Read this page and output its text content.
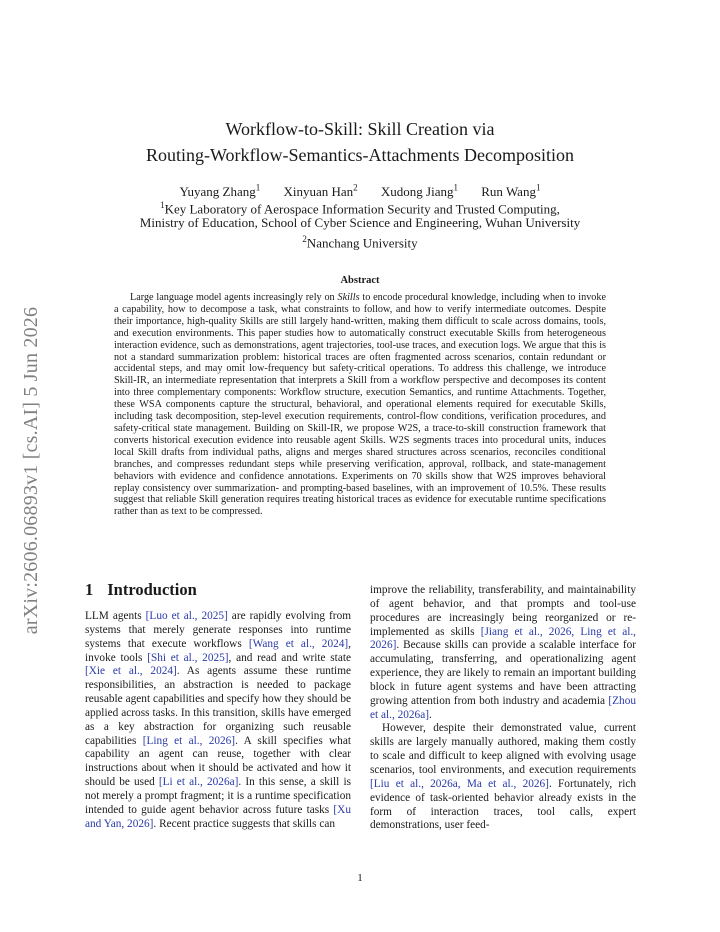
arXiv:2606.06893v1 [cs.AI] 5 Jun 2026
Workflow-to-Skill: Skill Creation via
Routing-Workflow-Semantics-Attachments Decomposition
Yuyang Zhang$^1$ Xinyuan Han$^2$ Xudong Jiang$^1$ Run Wang$^1$
$^1$Key Laboratory of Aerospace Information Security and Trusted Computing,
Ministry of Education, School of Cyber Science and Engineering, Wuhan University
$^2$Nanchang University
Abstract

Large language model agents increasingly rely on Skills to encode procedural knowledge, including when to invoke a capability, how to decompose a task, what constraints to follow, and how to verify intermediate outcomes. Despite their importance, high-quality Skills are still largely hand-written, making them difficult to scale across domains, tools, and execution environments. This paper studies how to automatically construct executable Skills from heterogeneous interaction evidence, such as demonstrations, agent trajectories, tool-use traces, and execution logs. We argue that this is not a standard summarization problem: historical traces are often fragmented across scenarios, contain redundant or accidental steps, and may omit low-frequency but safety-critical operations. To address this challenge, we introduce Skill-IR, an intermediate representation that interprets a Skill from a workflow perspective and decomposes its content into three complementary components: Workflow structure, execution Semantics, and runtime Attachments. Together, these WSA components capture the structural, behavioral, and operational elements required for executable Skills, including task decomposition, step-level execution requirements, control-flow conditions, verification procedures, and safety-critical state management. Building on Skill-IR, we propose W2S, a trace-to-skill construction framework that converts historical execution evidence into reusable agent Skills. W2S segments traces into procedural units, induces local Skill drafts from individual paths, aligns and merges shared structures across scenarios, reconciles conditional branches, and compresses redundant steps while preserving verification, approval, rollback, and state-management behaviors with evidence and confidence annotations. Experiments on 70 skills show that W2S improves behavioral replay consistency over summarization- and prompting-based baselines, with an improvement of 10.5%. These results suggest that reliable Skill generation requires treating historical traces as evidence for executable runtime specifications rather than as text to be compressed.

1 Introduction

LLM agents [Luo et al., 2025] are rapidly evolving from systems that merely generate responses into runtime systems that execute workflows [Wang et al., 2024], invoke tools [Shi et al., 2025], and read and write state [Xie et al., 2024]. As agents assume these runtime responsibilities, an abstraction is needed to package reusable agent capabilities and specify how they should be applied across tasks. In this transition, skills have emerged as a key abstraction for organizing such reusable capabilities [Ling et al., 2026]. A skill specifies what capability an agent can reuse, together with clear instructions about when it should be activated and how it should be used [Li et al., 2026a]. In this sense, a skill is not merely a prompt fragment; it is a runtime specification intended to guide agent behavior across future tasks [Xu and Yan, 2026]. Recent practice suggests that skills can

improve the reliability, transferability, and maintainability of agent behavior, and that prompts and tool-use procedures are increasingly being reorganized or re-implemented as skills [Jiang et al., 2026, Ling et al., 2026]. Because skills can provide a scalable interface for accumulating, transferring, and operationalizing agent experience, they are likely to remain an important building block in future agent systems and have been attracting growing attention from both industry and academia [Zhou et al., 2026a].

However, despite their demonstrated value, current skills are largely manually authored, making them costly to scale and difficult to keep aligned with evolving usage scenarios, tool environments, and execution requirements [Liu et al., 2026a, Ma et al., 2026]. Fortunately, rich evidence of task-oriented behavior already exists in the form of interaction traces, tool calls, expert demonstrations, user feed-

1
